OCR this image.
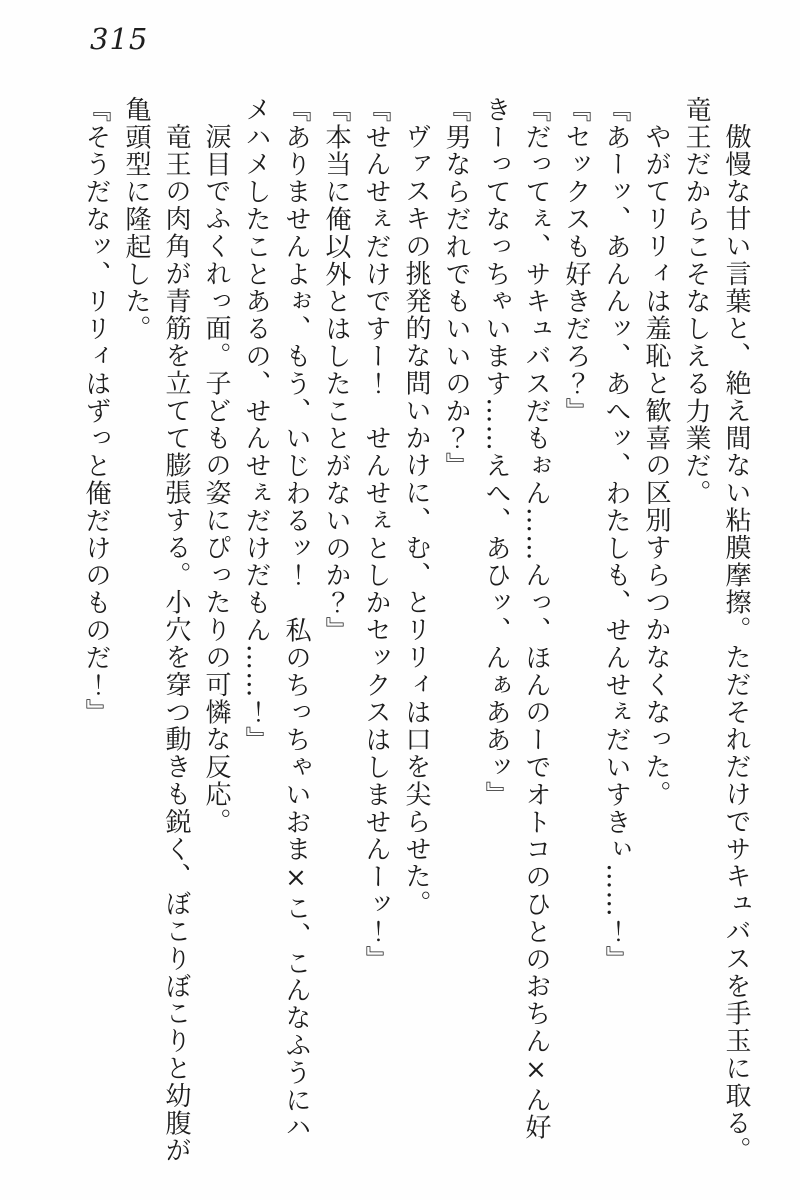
315

傲慢な甘い言葉と、絶え間ない粘膜摩擦。ただそれだけでサキュバスを手玉に取る。竜王だからこそなしえる力業だ。

やがてリリィは羞恥と歓喜の区別すらつかなくなった。

『あーッ、あんんッ、あへッ、わたしも、せんせぇだいすきぃ……！』

『セックスも好きだろ？』

『だってぇ、サキュバスだもぉん……んっ、ほんのーでオトコのひとのおちん×ん好きーってなっちゃいます……えへ、あひッ、んぁああッ』

『男ならだれでもいいのか？』

ヴァスキの挑発的な問いかけに、む、とリリィは口を尖らせた。

『せんせぇだけですー！　せんせぇとしかセックスはしませんーッ！』

『本当に俺以外とはしたことがないのか？』

『ありませんよぉ、もう、いじわるッ！　私のちっちゃいおま×こ、こんなふうにハメハメしたことあるの、せんせぇだけだもん……！』

涙目でふくれっ面。子どもの姿にぴったりの可憐な反応。

竜王の肉角が青筋を立てて膨張する。小穴を穿つ動きも鋭く、ぼこりぼこりと幼腹が亀頭型に隆起した。

『そうだなッ、リリィはずっと俺だけのものだ！』
